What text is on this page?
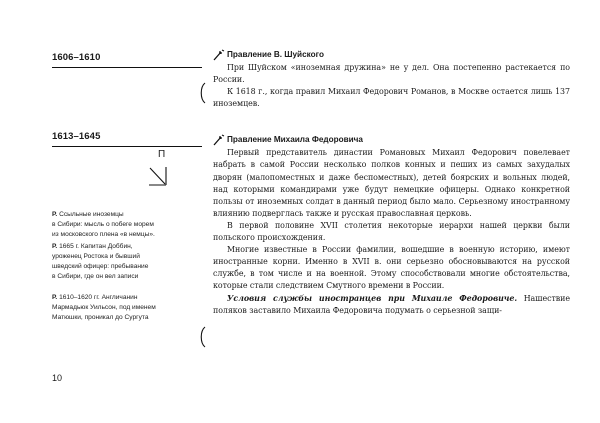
1606–1610
1613–1645
П
Р. Ссыльные иноземцы
в Сибири: мысль о побеге морем
из московского плена «в немцы».
Р. 1665 г. Капитан Доббин,
уроженец Ростока и бывший
шведский офицер: пребывание
в Сибири, где он вел записи
Р. 1610–1620 гг. Англичанин
Мармадьюк Уильсон, под именем
Матюшки, проникал до Сургута
10
Правление В. Шуйского

При Шуйском «иноземная дружина» не у дел. Она постепенно растекается по России.

К 1618 г., когда правил Михаил Федорович Романов, в Москве остается лишь 137 иноземцев.

Правление Михаила Федоровича

Первый представитель династии Романовых Михаил Федорович повелевает набрать в самой России несколько полков конных и пеших из самых захудалых дворян (малопоместных и даже беспоместных), детей боярских и вольных людей, над которыми командирами уже будут немецкие офицеры. Однако конкретной пользы от иноземных солдат в данный период было мало. Серьезному иностранному влиянию подверглась также и русская православная церковь.

В первой половине XVII столетия некоторые иерархи нашей церкви были польского происхождения.

Многие известные в России фамилии, вошедшие в военную историю, имеют иностранные корни. Именно в XVII в. они серьезно обосновываются на русской службе, в том числе и на военной. Этому способствовали многие обстоятельства, которые стали следствием Смутного времени в России.

Условия службы иностранцев при Михаиле Федоровиче. Нашествие поляков заставило Михаила Федоровича подумать о серьезной защи-
